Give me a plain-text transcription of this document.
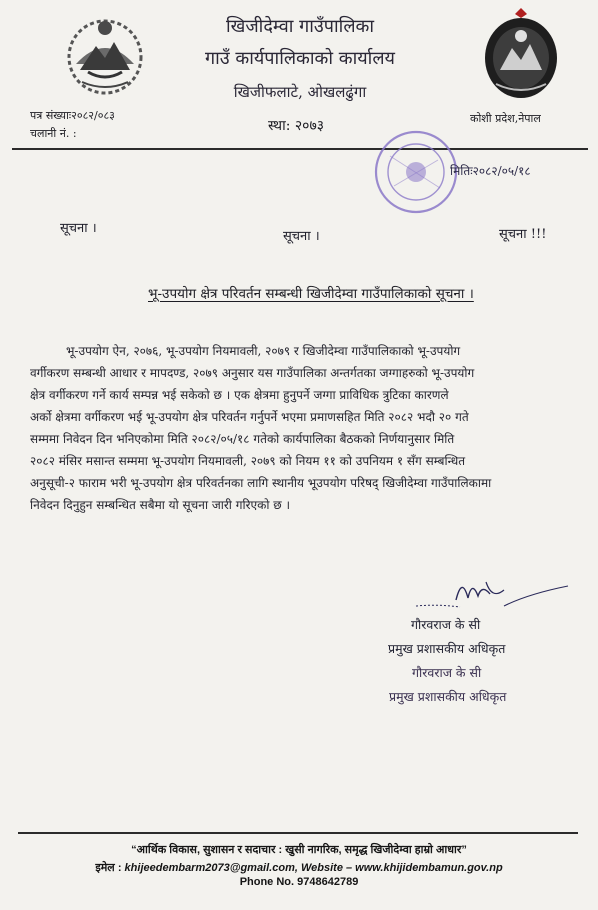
खिजीदेम्वा गाउँपालिका
गाउँ कार्यपालिकाको कार्यालय
खिजीफलाटे, ओखलढुंगा
स्था: २०७३	कोशी प्रदेश,नेपाल
पत्र संख्याः२०८२/०८३
चलानी नं. :
मितिः२०८२/०५/१८
सूचना ।
सूचना ।	सूचना !!!
भू-उपयोग क्षेत्र परिवर्तन सम्बन्धी खिजीदेम्वा गाउँपालिकाको सूचना ।
भू-उपयोग ऐन, २०७६, भू-उपयोग नियमावली, २०७९ र खिजीदेम्वा गाउँपालिकाको भू-उपयोग
वर्गीकरण सम्बन्धी आधार र मापदण्ड, २०७९ अनुसार यस गाउँपालिका अन्तर्गतका जग्गाहरुको भू-उपयोग
क्षेत्र वर्गीकरण गर्ने कार्य सम्पन्न भई सकेको छ । एक क्षेत्रमा हुनुपर्ने जग्गा प्राविधिक त्रुटिका कारणले
अर्को क्षेत्रमा वर्गीकरण भई भू-उपयोग क्षेत्र परिवर्तन गर्नुपर्ने भएमा प्रमाणसहित मिति २०८२ भदौ २० गते
सम्ममा निवेदन दिन भनिएकोमा मिति २०८२/०५/१८ गतेको कार्यपालिका बैठकको निर्णयानुसार मिति
२०८२ मंसिर मसान्त सम्ममा भू-उपयोग नियमावली, २०७९ को नियम ११ को उपनियम १ सँग सम्बन्धित
अनुसूची-२ फाराम भरी भू-उपयोग क्षेत्र परिवर्तनका लागि स्थानीय भूउपयोग परिषद् खिजीदेम्वा गाउँपालिकामा
निवेदन दिनुहुन सम्बन्धित सबैमा यो सूचना जारी गरिएको छ ।
गौरवराज के सी
प्रमुख प्रशासकीय अधिकृत
गौरवराज के सी
प्रमुख प्रशासकीय अधिकृत
“आर्थिक विकास, सुशासन र सदाचार : खुसी नागरिक, समृद्ध खिजीदेम्वा हाम्रो आधार”
इमेल : khijeedembarm2073@gmail.com, Website – www.khijidembamun.gov.np
Phone No. 9748642789
